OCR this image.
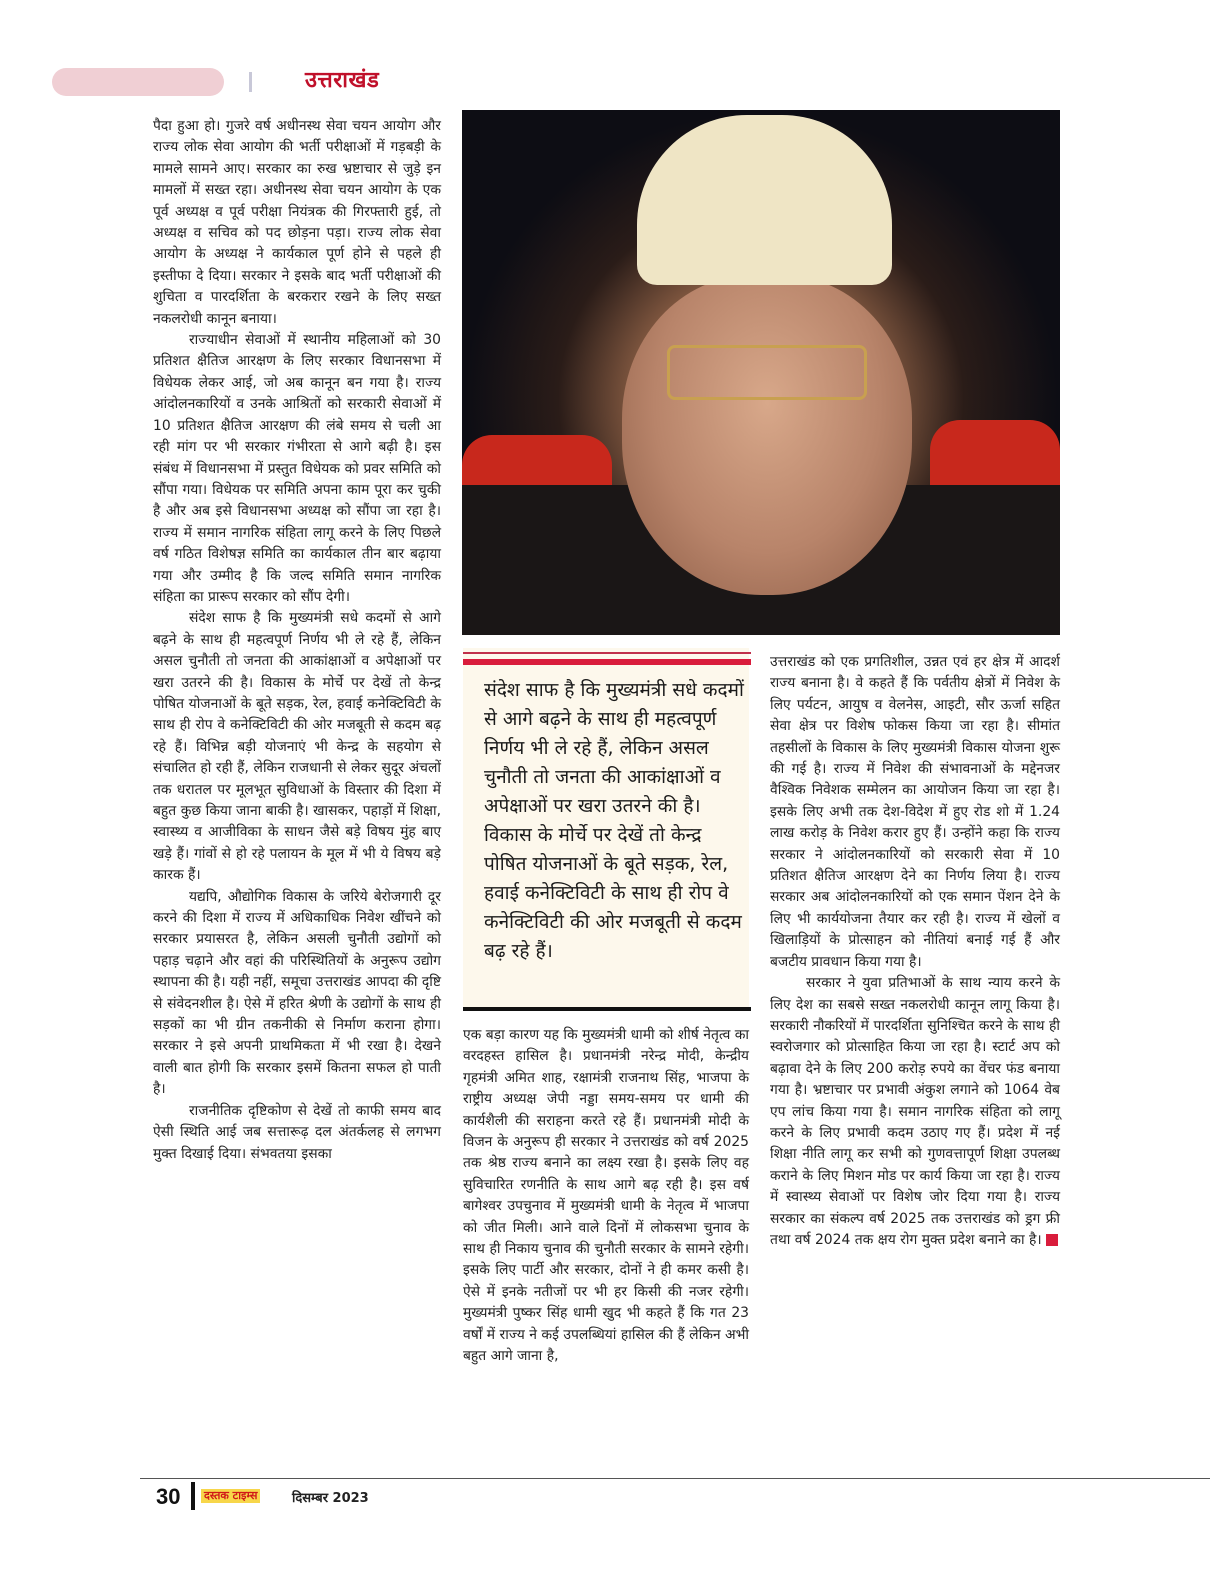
उत्तराखंड

पैदा हुआ हो। गुजरे वर्ष अधीनस्थ सेवा चयन आयोग और राज्य लोक सेवा आयोग की भर्ती परीक्षाओं में गड़बड़ी के मामले सामने आए। सरकार का रुख भ्रष्टाचार से जुड़े इन मामलों में सख्त रहा। अधीनस्थ सेवा चयन आयोग के एक पूर्व अध्यक्ष व पूर्व परीक्षा नियंत्रक की गिरफ्तारी हुई, तो अध्यक्ष व सचिव को पद छोड़ना पड़ा। राज्य लोक सेवा आयोग के अध्यक्ष ने कार्यकाल पूर्ण होने से पहले ही इस्तीफा दे दिया। सरकार ने इसके बाद भर्ती परीक्षाओं की शुचिता व पारदर्शिता के बरकरार रखने के लिए सख्त नकलरोधी कानून बनाया।

राज्याधीन सेवाओं में स्थानीय महिलाओं को 30 प्रतिशत क्षैतिज आरक्षण के लिए सरकार विधानसभा में विधेयक लेकर आई, जो अब कानून बन गया है। राज्य आंदोलनकारियों व उनके आश्रितों को सरकारी सेवाओं में 10 प्रतिशत क्षैतिज आरक्षण की लंबे समय से चली आ रही मांग पर भी सरकार गंभीरता से आगे बढ़ी है। इस संबंध में विधानसभा में प्रस्तुत विधेयक को प्रवर समिति को सौंपा गया। विधेयक पर समिति अपना काम पूरा कर चुकी है और अब इसे विधानसभा अध्यक्ष को सौंपा जा रहा है। राज्य में समान नागरिक संहिता लागू करने के लिए पिछले वर्ष गठित विशेषज्ञ समिति का कार्यकाल तीन बार बढ़ाया गया और उम्मीद है कि जल्द समिति समान नागरिक संहिता का प्रारूप सरकार को सौंप देगी।

संदेश साफ है कि मुख्यमंत्री सधे कदमों से आगे बढ़ने के साथ ही महत्वपूर्ण निर्णय भी ले रहे हैं, लेकिन असल चुनौती तो जनता की आकांक्षाओं व अपेक्षाओं पर खरा उतरने की है। विकास के मोर्चे पर देखें तो केन्द्र पोषित योजनाओं के बूते सड़क, रेल, हवाई कनेक्टिविटी के साथ ही रोप वे कनेक्टिविटी की ओर मजबूती से कदम बढ़ रहे हैं। विभिन्न बड़ी योजनाएं भी केन्द्र के सहयोग से संचालित हो रही हैं, लेकिन राजधानी से लेकर सुदूर अंचलों तक धरातल पर मूलभूत सुविधाओं के विस्तार की दिशा में बहुत कुछ किया जाना बाकी है। खासकर, पहाड़ों में शिक्षा, स्वास्थ्य व आजीविका के साधन जैसे बड़े विषय मुंह बाए खड़े हैं। गांवों से हो रहे पलायन के मूल में भी ये विषय बड़े कारक हैं।

यद्यपि, औद्योगिक विकास के जरिये बेरोजगारी दूर करने की दिशा में राज्य में अधिकाधिक निवेश खींचने को सरकार प्रयासरत है, लेकिन असली चुनौती उद्योगों को पहाड़ चढ़ाने और वहां की परिस्थितियों के अनुरूप उद्योग स्थापना की है। यही नहीं, समूचा उत्तराखंड आपदा की दृष्टि से संवेदनशील है। ऐसे में हरित श्रेणी के उद्योगों के साथ ही सड़कों का भी ग्रीन तकनीकी से निर्माण कराना होगा। सरकार ने इसे अपनी प्राथमिकता में भी रखा है। देखने वाली बात होगी कि सरकार इसमें कितना सफल हो पाती है।

राजनीतिक दृष्टिकोण से देखें तो काफी समय बाद ऐसी स्थिति आई जब सत्तारूढ़ दल अंतर्कलह से लगभग मुक्त दिखाई दिया। संभवतया इसका

संदेश साफ है कि मुख्यमंत्री सधे कदमों से आगे बढ़ने के साथ ही महत्वपूर्ण निर्णय भी ले रहे हैं, लेकिन असल चुनौती तो जनता की आकांक्षाओं व अपेक्षाओं पर खरा उतरने की है। विकास के मोर्चे पर देखें तो केन्द्र पोषित योजनाओं के बूते सड़क, रेल, हवाई कनेक्टिविटी के साथ ही रोप वे कनेक्टिविटी की ओर मजबूती से कदम बढ़ रहे हैं।

एक बड़ा कारण यह कि मुख्यमंत्री धामी को शीर्ष नेतृत्व का वरदहस्त हासिल है। प्रधानमंत्री नरेन्द्र मोदी, केन्द्रीय गृहमंत्री अमित शाह, रक्षामंत्री राजनाथ सिंह, भाजपा के राष्ट्रीय अध्यक्ष जेपी नड्डा समय-समय पर धामी की कार्यशैली की सराहना करते रहे हैं। प्रधानमंत्री मोदी के विजन के अनुरूप ही सरकार ने उत्तराखंड को वर्ष 2025 तक श्रेष्ठ राज्य बनाने का लक्ष्य रखा है। इसके लिए वह सुविचारित रणनीति के साथ आगे बढ़ रही है। इस वर्ष बागेश्वर उपचुनाव में मुख्यमंत्री धामी के नेतृत्व में भाजपा को जीत मिली। आने वाले दिनों में लोकसभा चुनाव के साथ ही निकाय चुनाव की चुनौती सरकार के सामने रहेगी। इसके लिए पार्टी और सरकार, दोनों ने ही कमर कसी है। ऐसे में इनके नतीजों पर भी हर किसी की नजर रहेगी। मुख्यमंत्री पुष्कर सिंह धामी खुद भी कहते हैं कि गत 23 वर्षों में राज्य ने कई उपलब्धियां हासिल की हैं लेकिन अभी बहुत आगे जाना है,

उत्तराखंड को एक प्रगतिशील, उन्नत एवं हर क्षेत्र में आदर्श राज्य बनाना है। वे कहते हैं कि पर्वतीय क्षेत्रों में निवेश के लिए पर्यटन, आयुष व वेलनेस, आइटी, सौर ऊर्जा सहित सेवा क्षेत्र पर विशेष फोकस किया जा रहा है। सीमांत तहसीलों के विकास के लिए मुख्यमंत्री विकास योजना शुरू की गई है। राज्य में निवेश की संभावनाओं के मद्देनजर वैश्विक निवेशक सम्मेलन का आयोजन किया जा रहा है। इसके लिए अभी तक देश-विदेश में हुए रोड शो में 1.24 लाख करोड़ के निवेश करार हुए हैं। उन्होंने कहा कि राज्य सरकार ने आंदोलनकारियों को सरकारी सेवा में 10 प्रतिशत क्षैतिज आरक्षण देने का निर्णय लिया है। राज्य सरकार अब आंदोलनकारियों को एक समान पेंशन देने के लिए भी कार्ययोजना तैयार कर रही है। राज्य में खेलों व खिलाड़ियों के प्रोत्साहन को नीतियां बनाई गई हैं और बजटीय प्रावधान किया गया है।

सरकार ने युवा प्रतिभाओं के साथ न्याय करने के लिए देश का सबसे सख्त नकलरोधी कानून लागू किया है। सरकारी नौकरियों में पारदर्शिता सुनिश्चित करने के साथ ही स्वरोजगार को प्रोत्साहित किया जा रहा है। स्टार्ट अप को बढ़ावा देने के लिए 200 करोड़ रुपये का वेंचर फंड बनाया गया है। भ्रष्टाचार पर प्रभावी अंकुश लगाने को 1064 वेब एप लांच किया गया है। समान नागरिक संहिता को लागू करने के लिए प्रभावी कदम उठाए गए हैं। प्रदेश में नई शिक्षा नीति लागू कर सभी को गुणवत्तापूर्ण शिक्षा उपलब्ध कराने के लिए मिशन मोड पर कार्य किया जा रहा है। राज्य में स्वास्थ्य सेवाओं पर विशेष जोर दिया गया है। राज्य सरकार का संकल्प वर्ष 2025 तक उत्तराखंड को ड्रग फ्री तथा वर्ष 2024 तक क्षय रोग मुक्त प्रदेश बनाने का है।

30 दस्तक टाइम्स	दिसम्बर 2023
